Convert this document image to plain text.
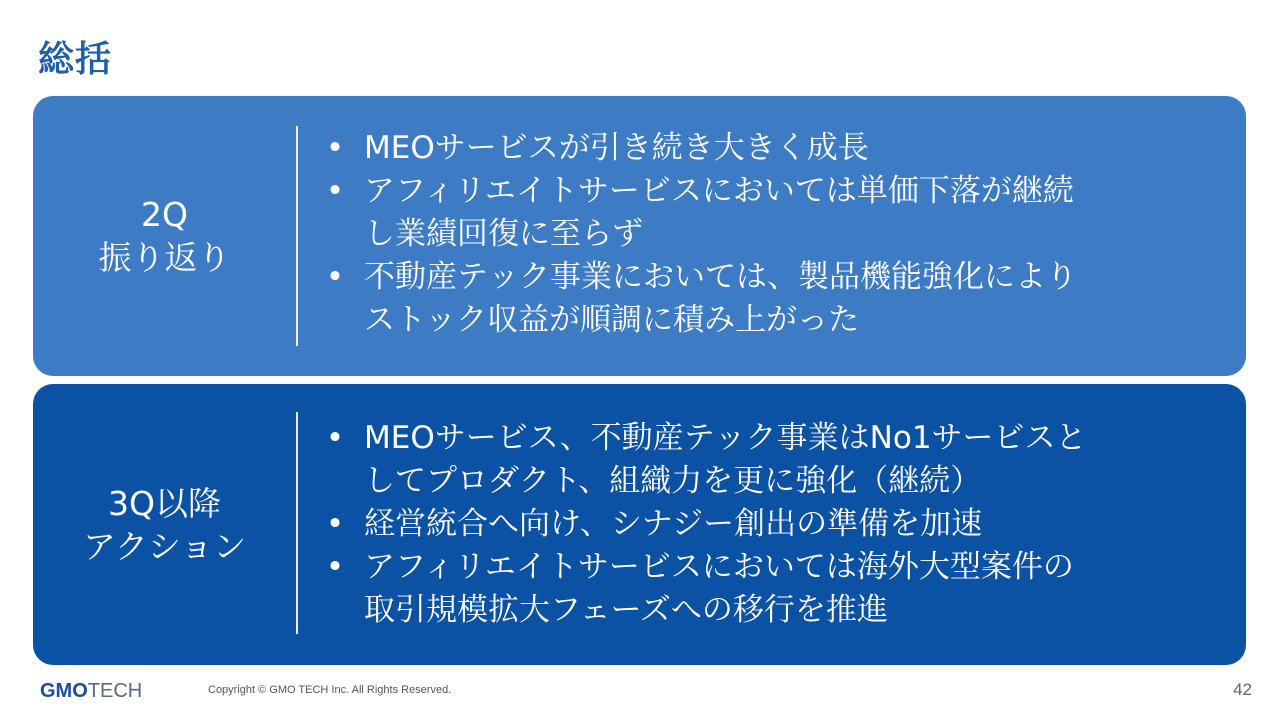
総括
2Q
振り返り
• MEOサービスが引き続き大きく成長
• アフィリエイトサービスにおいては単価下落が継続
し業績回復に至らず
• 不動産テック事業においては、製品機能強化により
ストック収益が順調に積み上がった
3Q以降
アクション
• MEOサービス、不動産テック事業はNo1サービスと
してプロダクト、組織力を更に強化（継続）
• 経営統合へ向け、シナジー創出の準備を加速
• アフィリエイトサービスにおいては海外大型案件の
取引規模拡大フェーズへの移行を推進
GMO TECH	Copyright © GMO TECH Inc. All Rights Reserved.	42
